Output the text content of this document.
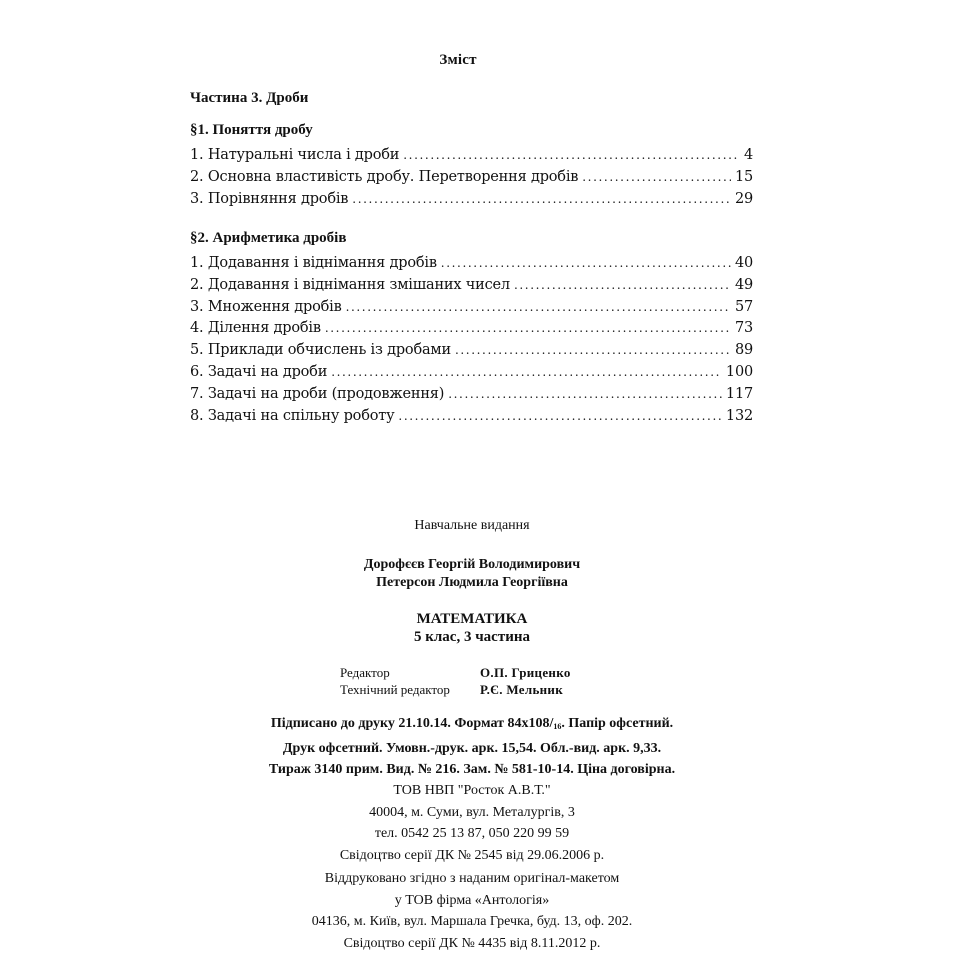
Зміст
Частина 3. Дроби
§1. Поняття дробу
1. Натуральні числа і дроби .....	4
2. Основна властивість дробу. Перетворення дробів .....	15
3. Порівняння дробів .....	29
§2. Арифметика дробів
1. Додавання і віднімання дробів .....	40
2. Додавання і віднімання змішаних чисел .....	49
3. Множення дробів .....	57
4. Ділення дробів .....	73
5. Приклади обчислень із дробами .....	89
6. Задачі на дроби .....	100
7. Задачі на дроби (продовження) .....	117
8. Задачі на спільну роботу .....	132
Навчальне видання
Дорофєєв Георгій Володимирович
Петерсон Людмила Георгіївна
МАТЕМАТИКА
5 клас, 3 частина
Редактор	О.П. Гриценко
Технічний редактор	Р.Є. Мельник
Підписано до друку 21.10.14. Формат 84х108/16. Папір офсетний.
Друк офсетний. Умовн.-друк. арк. 15,54. Обл.-вид. арк. 9,33.
Тираж 3140 прим. Вид. № 216. Зам. № 581-10-14. Ціна договірна.
ТОВ НВП "Росток А.В.Т."
40004, м. Суми, вул. Металургів, 3
тел. 0542 25 13 87, 050 220 99 59
Свідоцтво серії ДК № 2545 від 29.06.2006 р.
Віддруковано згідно з наданим оригінал-макетом
у ТОВ фірма «Антологія»
04136, м. Київ, вул. Маршала Гречка, буд. 13, оф. 202.
Свідоцтво серії ДК № 4435 від 8.11.2012 р.
